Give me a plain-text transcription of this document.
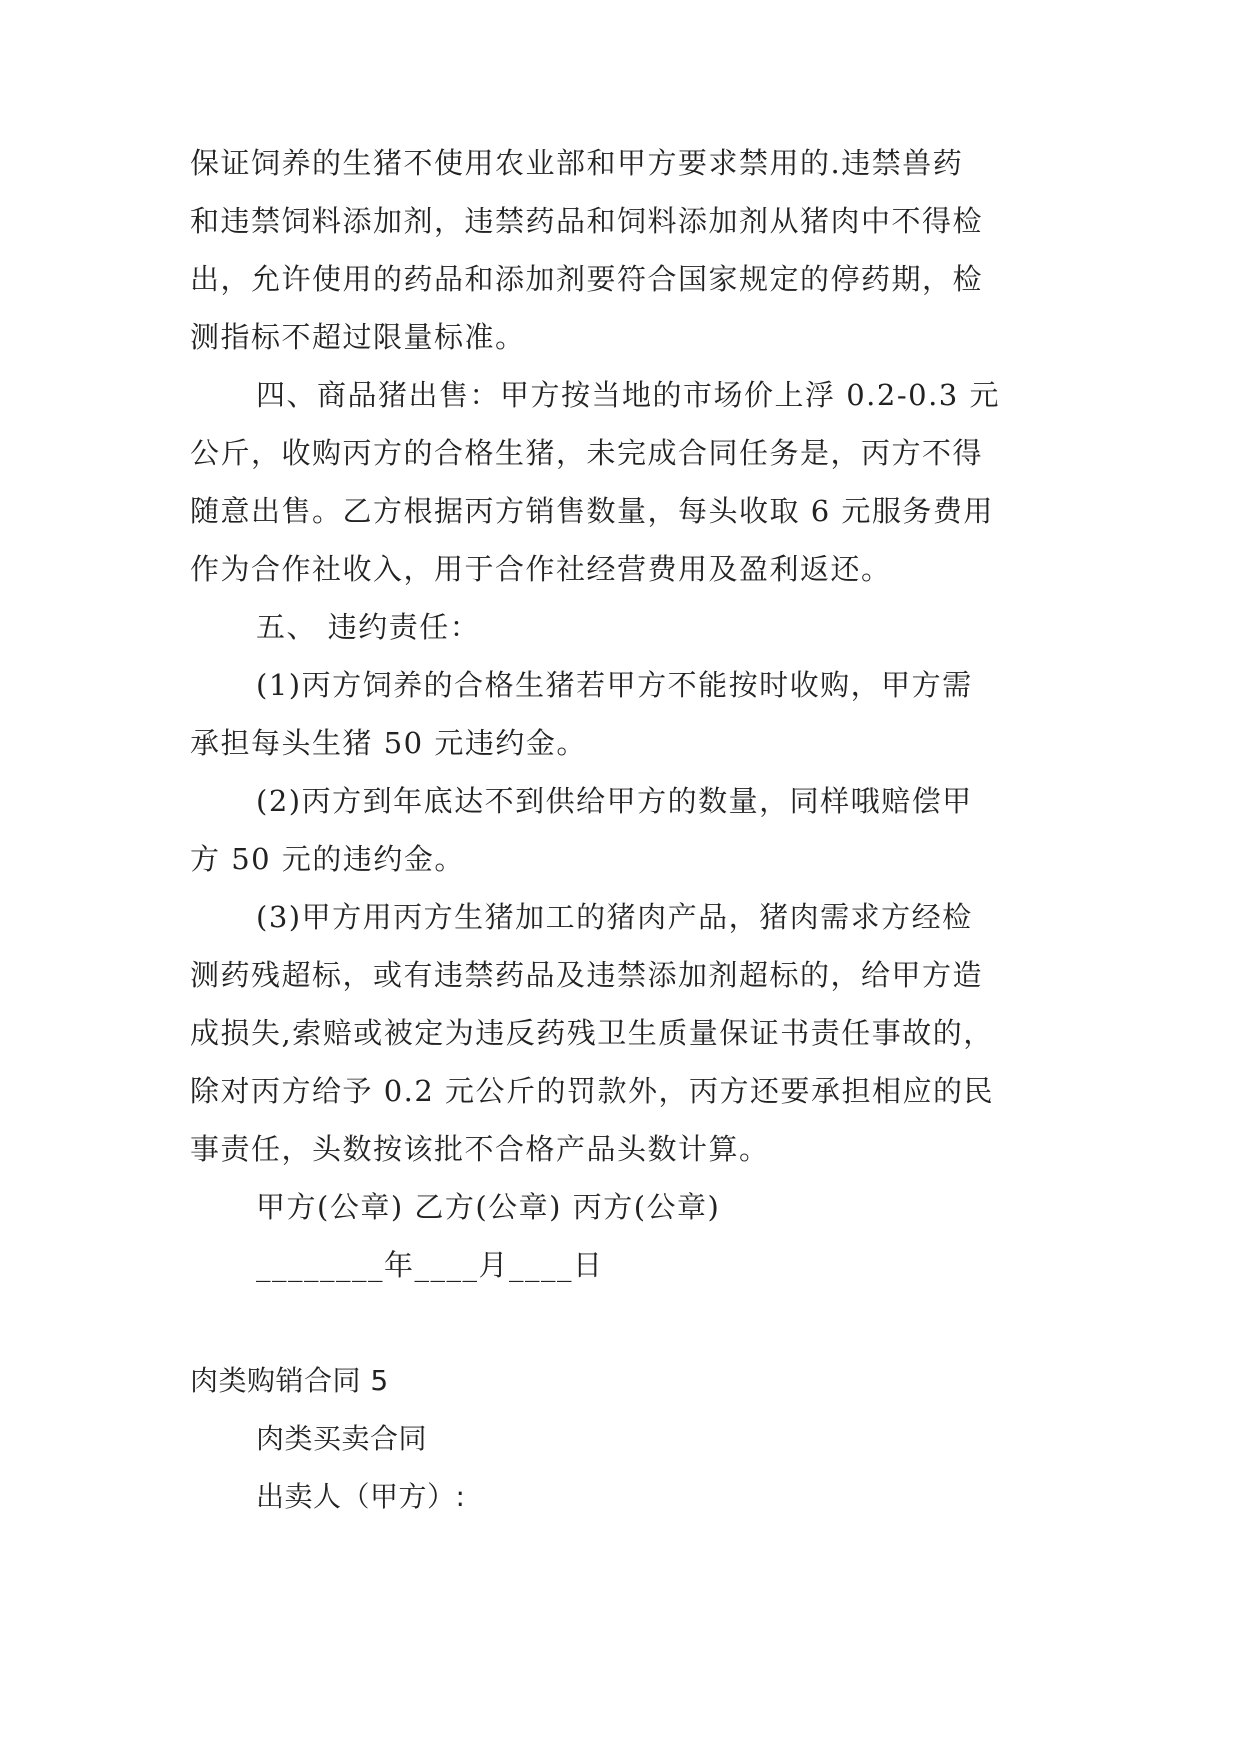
保证饲养的生猪不使用农业部和甲方要求禁用的.违禁兽药
和违禁饲料添加剂，违禁药品和饲料添加剂从猪肉中不得检
出，允许使用的药品和添加剂要符合国家规定的停药期，检
测指标不超过限量标准。
四、商品猪出售：甲方按当地的市场价上浮 0.2-0.3 元
公斤，收购丙方的合格生猪，未完成合同任务是，丙方不得
随意出售。乙方根据丙方销售数量，每头收取 6 元服务费用
作为合作社收入，用于合作社经营费用及盈利返还。
五、 违约责任：
(1)丙方饲养的合格生猪若甲方不能按时收购，甲方需
承担每头生猪 50 元违约金。
(2)丙方到年底达不到供给甲方的数量，同样哦赔偿甲
方 50 元的违约金。
(3)甲方用丙方生猪加工的猪肉产品，猪肉需求方经检
测药残超标，或有违禁药品及违禁添加剂超标的，给甲方造
成损失,索赔或被定为违反药残卫生质量保证书责任事故的，
除对丙方给予 0.2 元公斤的罚款外，丙方还要承担相应的民
事责任，头数按该批不合格产品头数计算。
甲方(公章) 乙方(公章) 丙方(公章)
________年____月____日
肉类购销合同 5
肉类买卖合同
出卖人（甲方）:
